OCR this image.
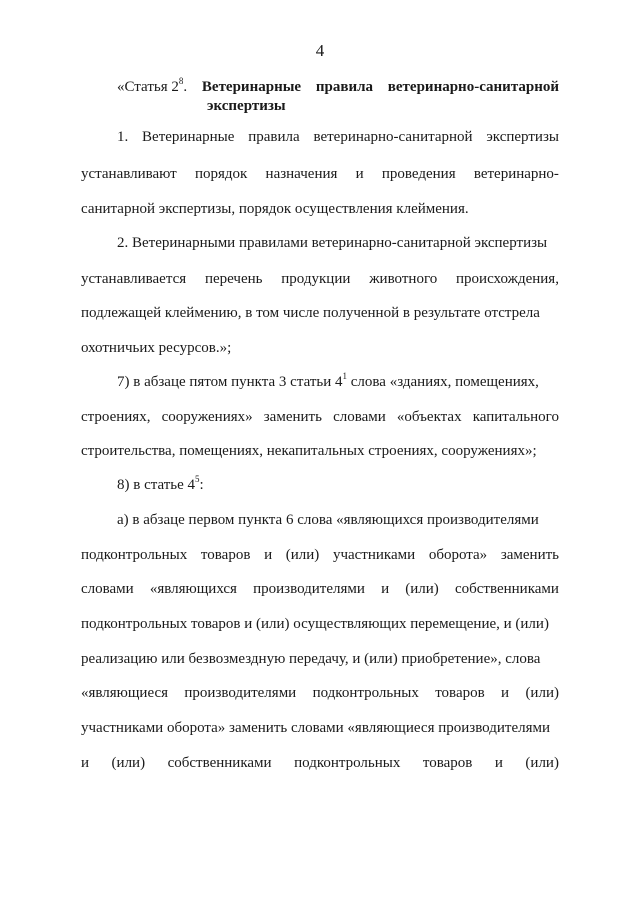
4
«Статья $2^8$. Ветеринарные правила ветеринарно-санитарной
экспертизы
1. Ветеринарные правила ветеринарно-санитарной экспертизы
устанавливают порядок назначения и проведения ветеринарно-
санитарной экспертизы, порядок осуществления клеймения.
2. Ветеринарными правилами ветеринарно-санитарной экспертизы
устанавливается перечень продукции животного происхождения,
подлежащей клеймению, в том числе полученной в результате отстрела
охотничьих ресурсов.»;
7) в абзаце пятом пункта 3 статьи $4^1$ слова «зданиях, помещениях,
строениях, сооружениях» заменить словами «объектах капитального
строительства, помещениях, некапитальных строениях, сооружениях»;
8) в статье $4^5$:
а) в абзаце первом пункта 6 слова «являющихся производителями
подконтрольных товаров и (или) участниками оборота» заменить
словами «являющихся производителями и (или) собственниками
подконтрольных товаров и (или) осуществляющих перемещение, и (или)
реализацию или безвозмездную передачу, и (или) приобретение», слова
«являющиеся производителями подконтрольных товаров и (или)
участниками оборота» заменить словами «являющиеся производителями
и (или) собственниками подконтрольных товаров и (или)
